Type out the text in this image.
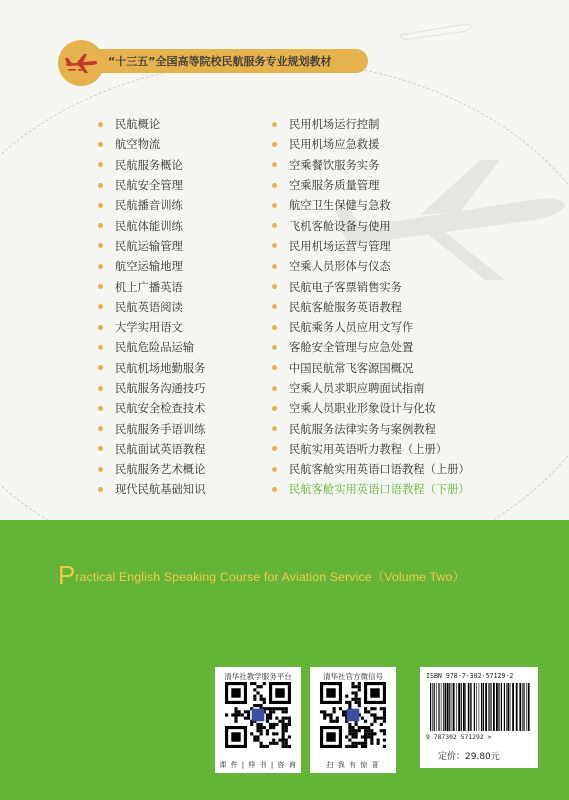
“十三五”全国高等院校民航服务专业规划教材
民航概论
航空物流
民航服务概论
民航安全管理
民航播音训练
民航体能训练
民航运输管理
航空运输地理
机上广播英语
民航英语阅读
大学实用语文
民航危险品运输
民航机场地勤服务
民航服务沟通技巧
民航安全检查技术
民航服务手语训练
民航面试英语教程
民航服务艺术概论
现代民航基础知识
民用机场运行控制
民用机场应急救援
空乘餐饮服务实务
空乘服务质量管理
航空卫生保健与急救
飞机客舱设备与使用
民用机场运营与管理
空乘人员形体与仪态
民航电子客票销售实务
民航客舱服务英语教程
民航乘务人员应用文写作
客舱安全管理与应急处置
中国民航常飞客源国概况
空乘人员求职应聘面试指南
空乘人员职业形象设计与化妆
民航服务法律实务与案例教程
民航实用英语听力教程（上册）
民航客舱实用英语口语教程（上册）
民航客舱实用英语口语教程（下册）
Practical English Speaking Course for Aviation Service（Volume Two）
清华社教学服务平台
课 件 | 样 书 | 咨 询
清华社官方微信号
扫 我 有 惊 喜
ISBN 978-7-302-57129-2
9 787302 571292 >
定价：29.80元
